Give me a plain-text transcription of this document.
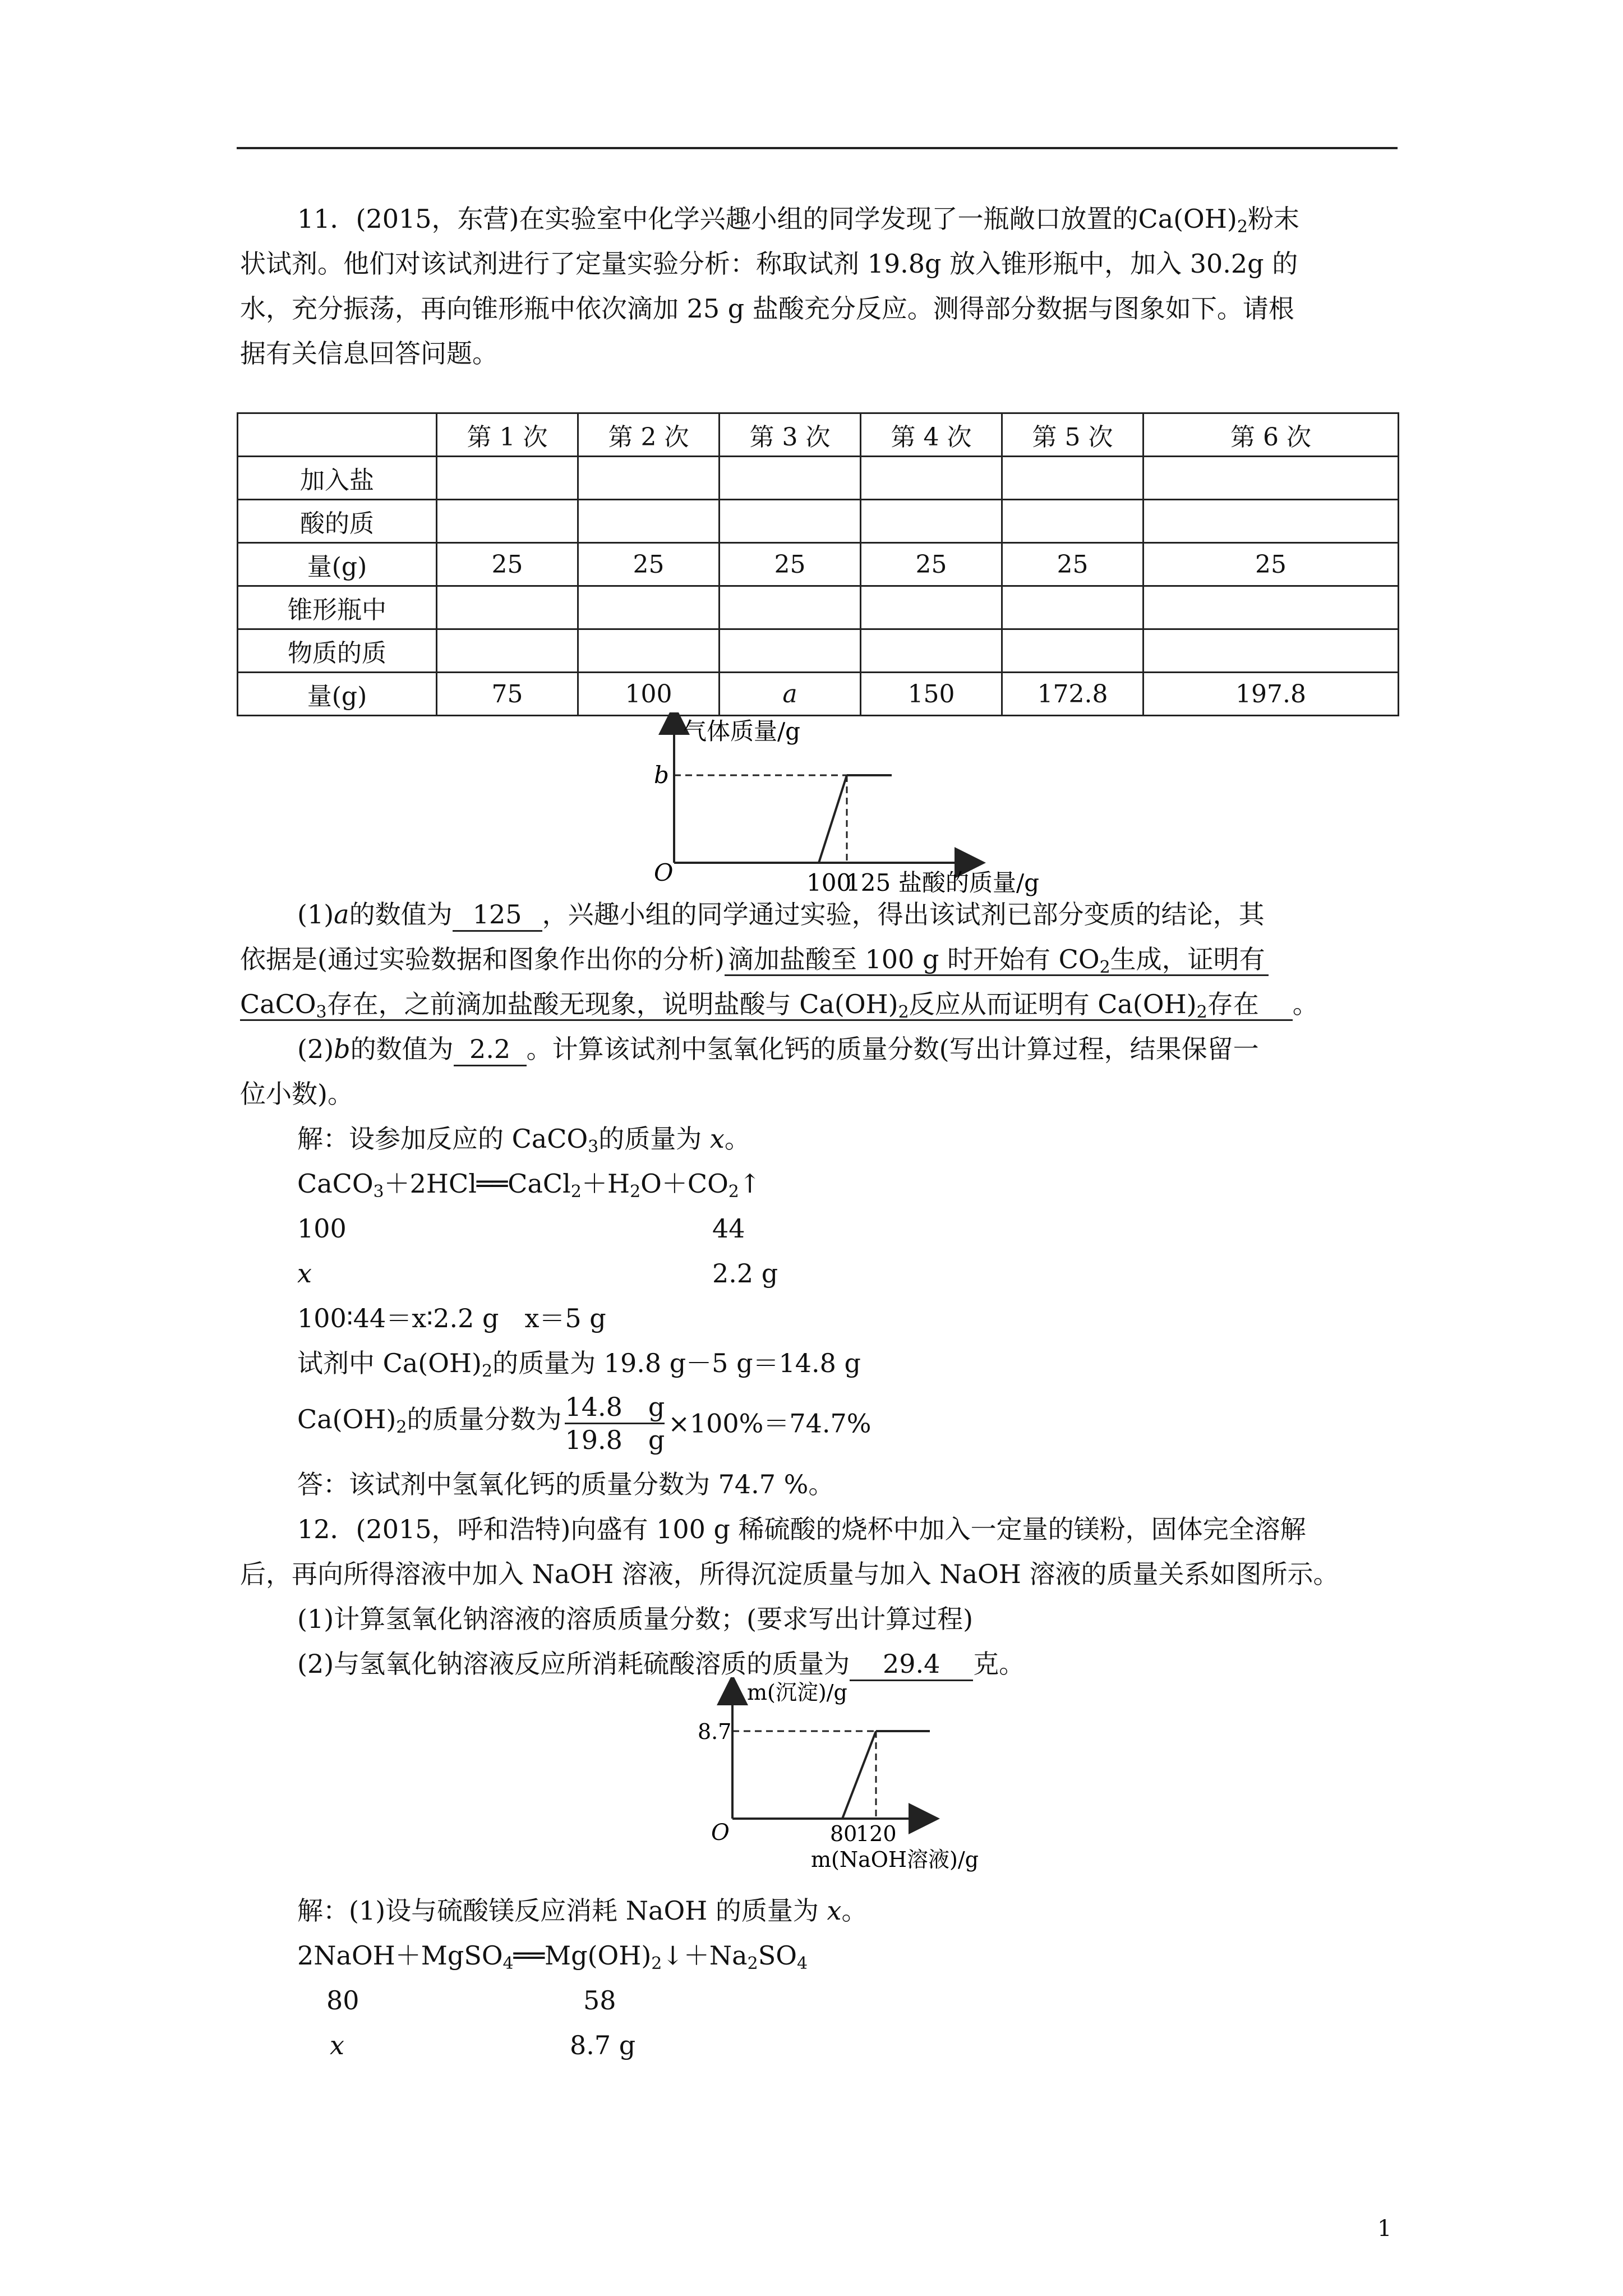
11．(2015，东营)在实验室中化学兴趣小组的同学发现了一瓶敞口放置的$Ca(OH)_2$粉末
状试剂。他们对该试剂进行了定量实验分析：称取试剂 19.8g 放入锥形瓶中，加入 30.2g 的
水，充分振荡，再向锥形瓶中依次滴加 25 g 盐酸充分反应。测得部分数据与图象如下。请根
据有关信息回答问题。
	第 1 次	第 2 次	第 3 次	第 4 次	第 5 次	第 6 次
加入盐						
酸的质						
量(g)	25	25	25	25	25	25
锥形瓶中						
物质的质						
量(g)	75	100	a	150	172.8	197.8
气体质量/g
b
O	100
125 盐酸的质量/g
(1)a的数值为 125 ，兴趣小组的同学通过实验，得出该试剂已部分变质的结论，其
依据是(通过实验数据和图象作出你的分析) 滴加盐酸至 100 g 时开始有 $CO_2$生成，证明有
CaCO$_3$存在，之前滴加盐酸无现象，说明盐酸与 $Ca(OH)_2$反应从而证明有 $Ca(OH)_2$存在 。
(2)b的数值为 2.2 。计算该试剂中氢氧化钙的质量分数(写出计算过程，结果保留一
位小数)。
解：设参加反应的 CaCO$_3$的质量为 x。
$CaCO_3+2HCl══CaCl_2+H_2O+CO_2↑$
100	44
x	2.2 g
100∶44＝x∶2.2 g　x＝5 g
试剂中 $Ca(OH)_2$的质量为 19.8 g－5 g＝14.8 g
$Ca(OH)_2$的质量分数为 $\frac{14.8 g}{19.8 g} \times 100\%=74.7\%$
答：该试剂中氢氧化钙的质量分数为 74.7 %。
12．(2015，呼和浩特)向盛有 100 g 稀硫酸的烧杯中加入一定量的镁粉，固体完全溶解
后，再向所得溶液中加入 NaOH 溶液，所得沉淀质量与加入 NaOH 溶液的质量关系如图所示。
(1)计算氢氧化钠溶液的溶质质量分数；(要求写出计算过程)
(2)与氢氧化钠溶液反应所消耗硫酸溶质的质量为 29.4 克。
m(沉淀)/g
8.7
O	80
120
m(NaOH溶液)/g
解：(1)设与硫酸镁反应消耗 NaOH 的质量为 x。
$2NaOH+MgSO_4══Mg(OH)_2↓+Na_2SO_4$
80	58
x	8.7 g
1
